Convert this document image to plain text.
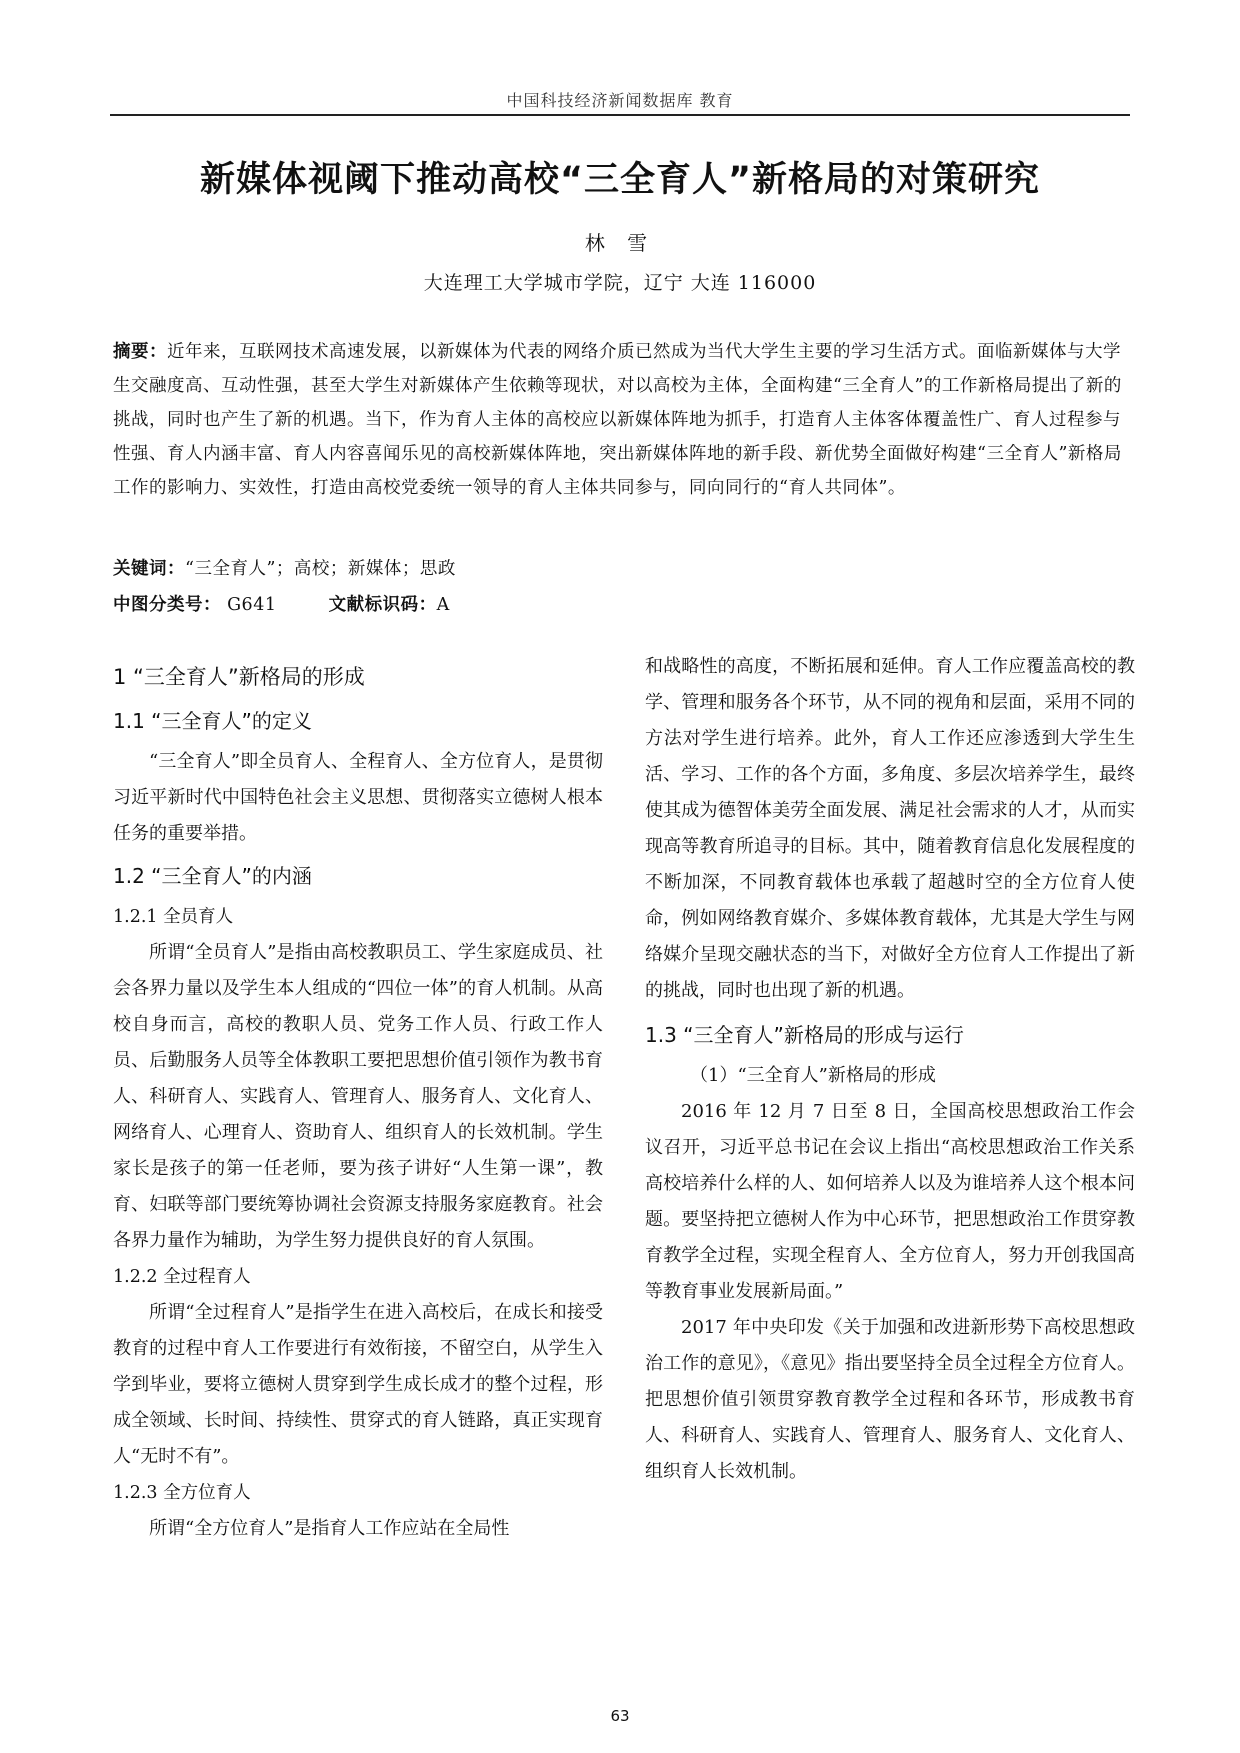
中国科技经济新闻数据库 教育
新媒体视阈下推动高校“三全育人”新格局的对策研究
林 雪
大连理工大学城市学院，辽宁 大连 116000
摘要：近年来，互联网技术高速发展，以新媒体为代表的网络介质已然成为当代大学生主要的学习生活方式。面临新媒体与大学生交融度高、互动性强，甚至大学生对新媒体产生依赖等现状，对以高校为主体，全面构建“三全育人”的工作新格局提出了新的挑战，同时也产生了新的机遇。当下，作为育人主体的高校应以新媒体阵地为抓手，打造育人主体客体覆盖性广、育人过程参与性强、育人内涵丰富、育人内容喜闻乐见的高校新媒体阵地，突出新媒体阵地的新手段、新优势全面做好构建“三全育人”新格局工作的影响力、实效性，打造由高校党委统一领导的育人主体共同参与，同向同行的“育人共同体”。
关键词：“三全育人”；高校；新媒体；思政
中图分类号： G641	文献标识码：A
1 “三全育人”新格局的形成
1.1 “三全育人”的定义

“三全育人”即全员育人、全程育人、全方位育人，是贯彻习近平新时代中国特色社会主义思想、贯彻落实立德树人根本任务的重要举措。

1.2 “三全育人”的内涵

1.2.1 全员育人

所谓“全员育人”是指由高校教职员工、学生家庭成员、社会各界力量以及学生本人组成的“四位一体”的育人机制。从高校自身而言，高校的教职人员、党务工作人员、行政工作人员、后勤服务人员等全体教职工要把思想价值引领作为教书育人、科研育人、实践育人、管理育人、服务育人、文化育人、网络育人、心理育人、资助育人、组织育人的长效机制。学生家长是孩子的第一任老师，要为孩子讲好“人生第一课”，教育、妇联等部门要统筹协调社会资源支持服务家庭教育。社会各界力量作为辅助，为学生努力提供良好的育人氛围。

1.2.2 全过程育人

所谓“全过程育人”是指学生在进入高校后，在成长和接受教育的过程中育人工作要进行有效衔接，不留空白，从学生入学到毕业，要将立德树人贯穿到学生成长成才的整个过程，形成全领域、长时间、持续性、贯穿式的育人链路，真正实现育人“无时不有”。

1.2.3 全方位育人

所谓“全方位育人”是指育人工作应站在全局性

和战略性的高度，不断拓展和延伸。育人工作应覆盖高校的教学、管理和服务各个环节，从不同的视角和层面，采用不同的方法对学生进行培养。此外，育人工作还应渗透到大学生生活、学习、工作的各个方面，多角度、多层次培养学生，最终使其成为德智体美劳全面发展、满足社会需求的人才，从而实现高等教育所追寻的目标。其中，随着教育信息化发展程度的不断加深，不同教育载体也承载了超越时空的全方位育人使命，例如网络教育媒介、多媒体教育载体，尤其是大学生与网络媒介呈现交融状态的当下，对做好全方位育人工作提出了新的挑战，同时也出现了新的机遇。

1.3 “三全育人”新格局的形成与运行

（1）“三全育人”新格局的形成

2016 年 12 月 7 日至 8 日，全国高校思想政治工作会议召开，习近平总书记在会议上指出“高校思想政治工作关系高校培养什么样的人、如何培养人以及为谁培养人这个根本问题。要坚持把立德树人作为中心环节，把思想政治工作贯穿教育教学全过程，实现全程育人、全方位育人，努力开创我国高等教育事业发展新局面。”

2017 年中央印发《关于加强和改进新形势下高校思想政治工作的意见》，《意见》指出要坚持全员全过程全方位育人。把思想价值引领贯穿教育教学全过程和各环节，形成教书育人、科研育人、实践育人、管理育人、服务育人、文化育人、组织育人长效机制。

63
